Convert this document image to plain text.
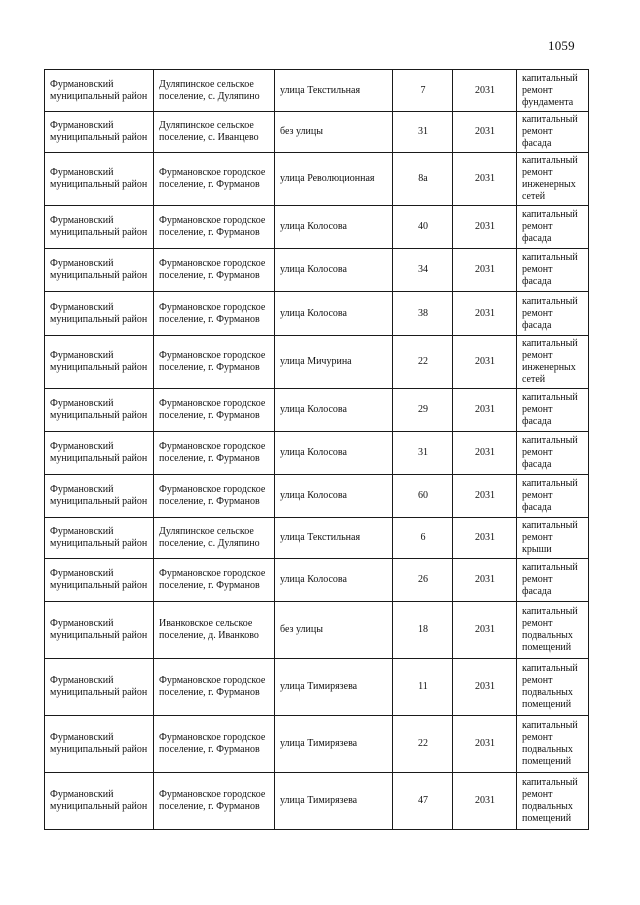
1059
Фурмановский муниципальный район	Дуляпинское сельское поселение, с. Дуляпино	улица Текстильная	7	2031	капитальный ремонт фундамента
Фурмановский муниципальный район	Дуляпинское сельское поселение, с. Иванцево	без улицы	31	2031	капитальный ремонт фасада
Фурмановский муниципальный район	Фурмановское городское поселение, г. Фурманов	улица Революционная	8а	2031	капитальный ремонт инженерных сетей
Фурмановский муниципальный район	Фурмановское городское поселение, г. Фурманов	улица Колосова	40	2031	капитальный ремонт фасада
Фурмановский муниципальный район	Фурмановское городское поселение, г. Фурманов	улица Колосова	34	2031	капитальный ремонт фасада
Фурмановский муниципальный район	Фурмановское городское поселение, г. Фурманов	улица Колосова	38	2031	капитальный ремонт фасада
Фурмановский муниципальный район	Фурмановское городское поселение, г. Фурманов	улица Мичурина	22	2031	капитальный ремонт инженерных сетей
Фурмановский муниципальный район	Фурмановское городское поселение, г. Фурманов	улица Колосова	29	2031	капитальный ремонт фасада
Фурмановский муниципальный район	Фурмановское городское поселение, г. Фурманов	улица Колосова	31	2031	капитальный ремонт фасада
Фурмановский муниципальный район	Фурмановское городское поселение, г. Фурманов	улица Колосова	60	2031	капитальный ремонт фасада
Фурмановский муниципальный район	Дуляпинское сельское поселение, с. Дуляпино	улица Текстильная	6	2031	капитальный ремонт крыши
Фурмановский муниципальный район	Фурмановское городское поселение, г. Фурманов	улица Колосова	26	2031	капитальный ремонт фасада
Фурмановский муниципальный район	Иванковское сельское поселение, д. Иванково	без улицы	18	2031	капитальный ремонт подвальных помещений
Фурмановский муниципальный район	Фурмановское городское поселение, г. Фурманов	улица Тимирязева	11	2031	капитальный ремонт подвальных помещений
Фурмановский муниципальный район	Фурмановское городское поселение, г. Фурманов	улица Тимирязева	22	2031	капитальный ремонт подвальных помещений
Фурмановский муниципальный район	Фурмановское городское поселение, г. Фурманов	улица Тимирязева	47	2031	капитальный ремонт подвальных помещений
